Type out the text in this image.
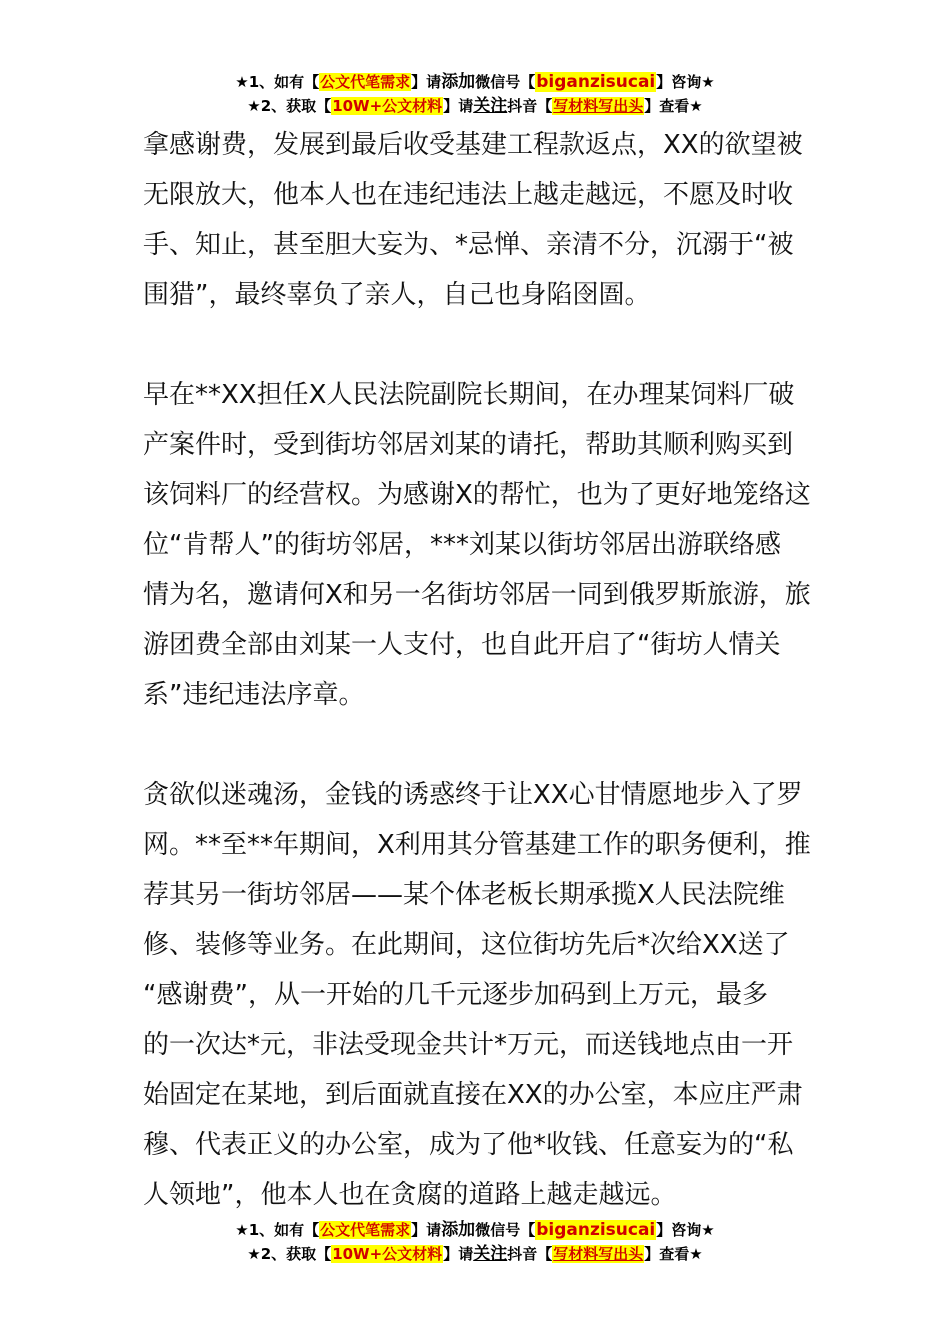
★1、如有【公文代笔需求】请添加微信号【biganzisucai】咨询★
★2、获取【10W+公文材料】请关注抖音【写材料写出头】查看★
拿感谢费，发展到最后收受基建工程款返点，XX的欲望被
无限放大，他本人也在违纪违法上越走越远，不愿及时收
手、知止，甚至胆大妄为、*忌惮、亲清不分，沉溺于“被
围猎”，最终辜负了亲人，自己也身陷囹圄。
早在**XX担任X人民法院副院长期间，在办理某饲料厂破
产案件时，受到街坊邻居刘某的请托，帮助其顺利购买到
该饲料厂的经营权。为感谢X的帮忙，也为了更好地笼络这
位“肯帮人”的街坊邻居，***刘某以街坊邻居出游联络感
情为名，邀请何X和另一名街坊邻居一同到俄罗斯旅游，旅
游团费全部由刘某一人支付，也自此开启了“街坊人情关
系”违纪违法序章。
贪欲似迷魂汤，金钱的诱惑终于让XX心甘情愿地步入了罗
网。**至**年期间，X利用其分管基建工作的职务便利，推
荐其另一街坊邻居——某个体老板长期承揽X人民法院维
修、装修等业务。在此期间，这位街坊先后*次给XX送了
“感谢费”，从一开始的几千元逐步加码到上万元，最多
的一次达*元，非法受现金共计*万元，而送钱地点由一开
始固定在某地，到后面就直接在XX的办公室，本应庄严肃
穆、代表正义的办公室，成为了他*收钱、任意妄为的“私
人领地”，他本人也在贪腐的道路上越走越远。
★1、如有【公文代笔需求】请添加微信号【biganzisucai】咨询★
★2、获取【10W+公文材料】请关注抖音【写材料写出头】查看★
